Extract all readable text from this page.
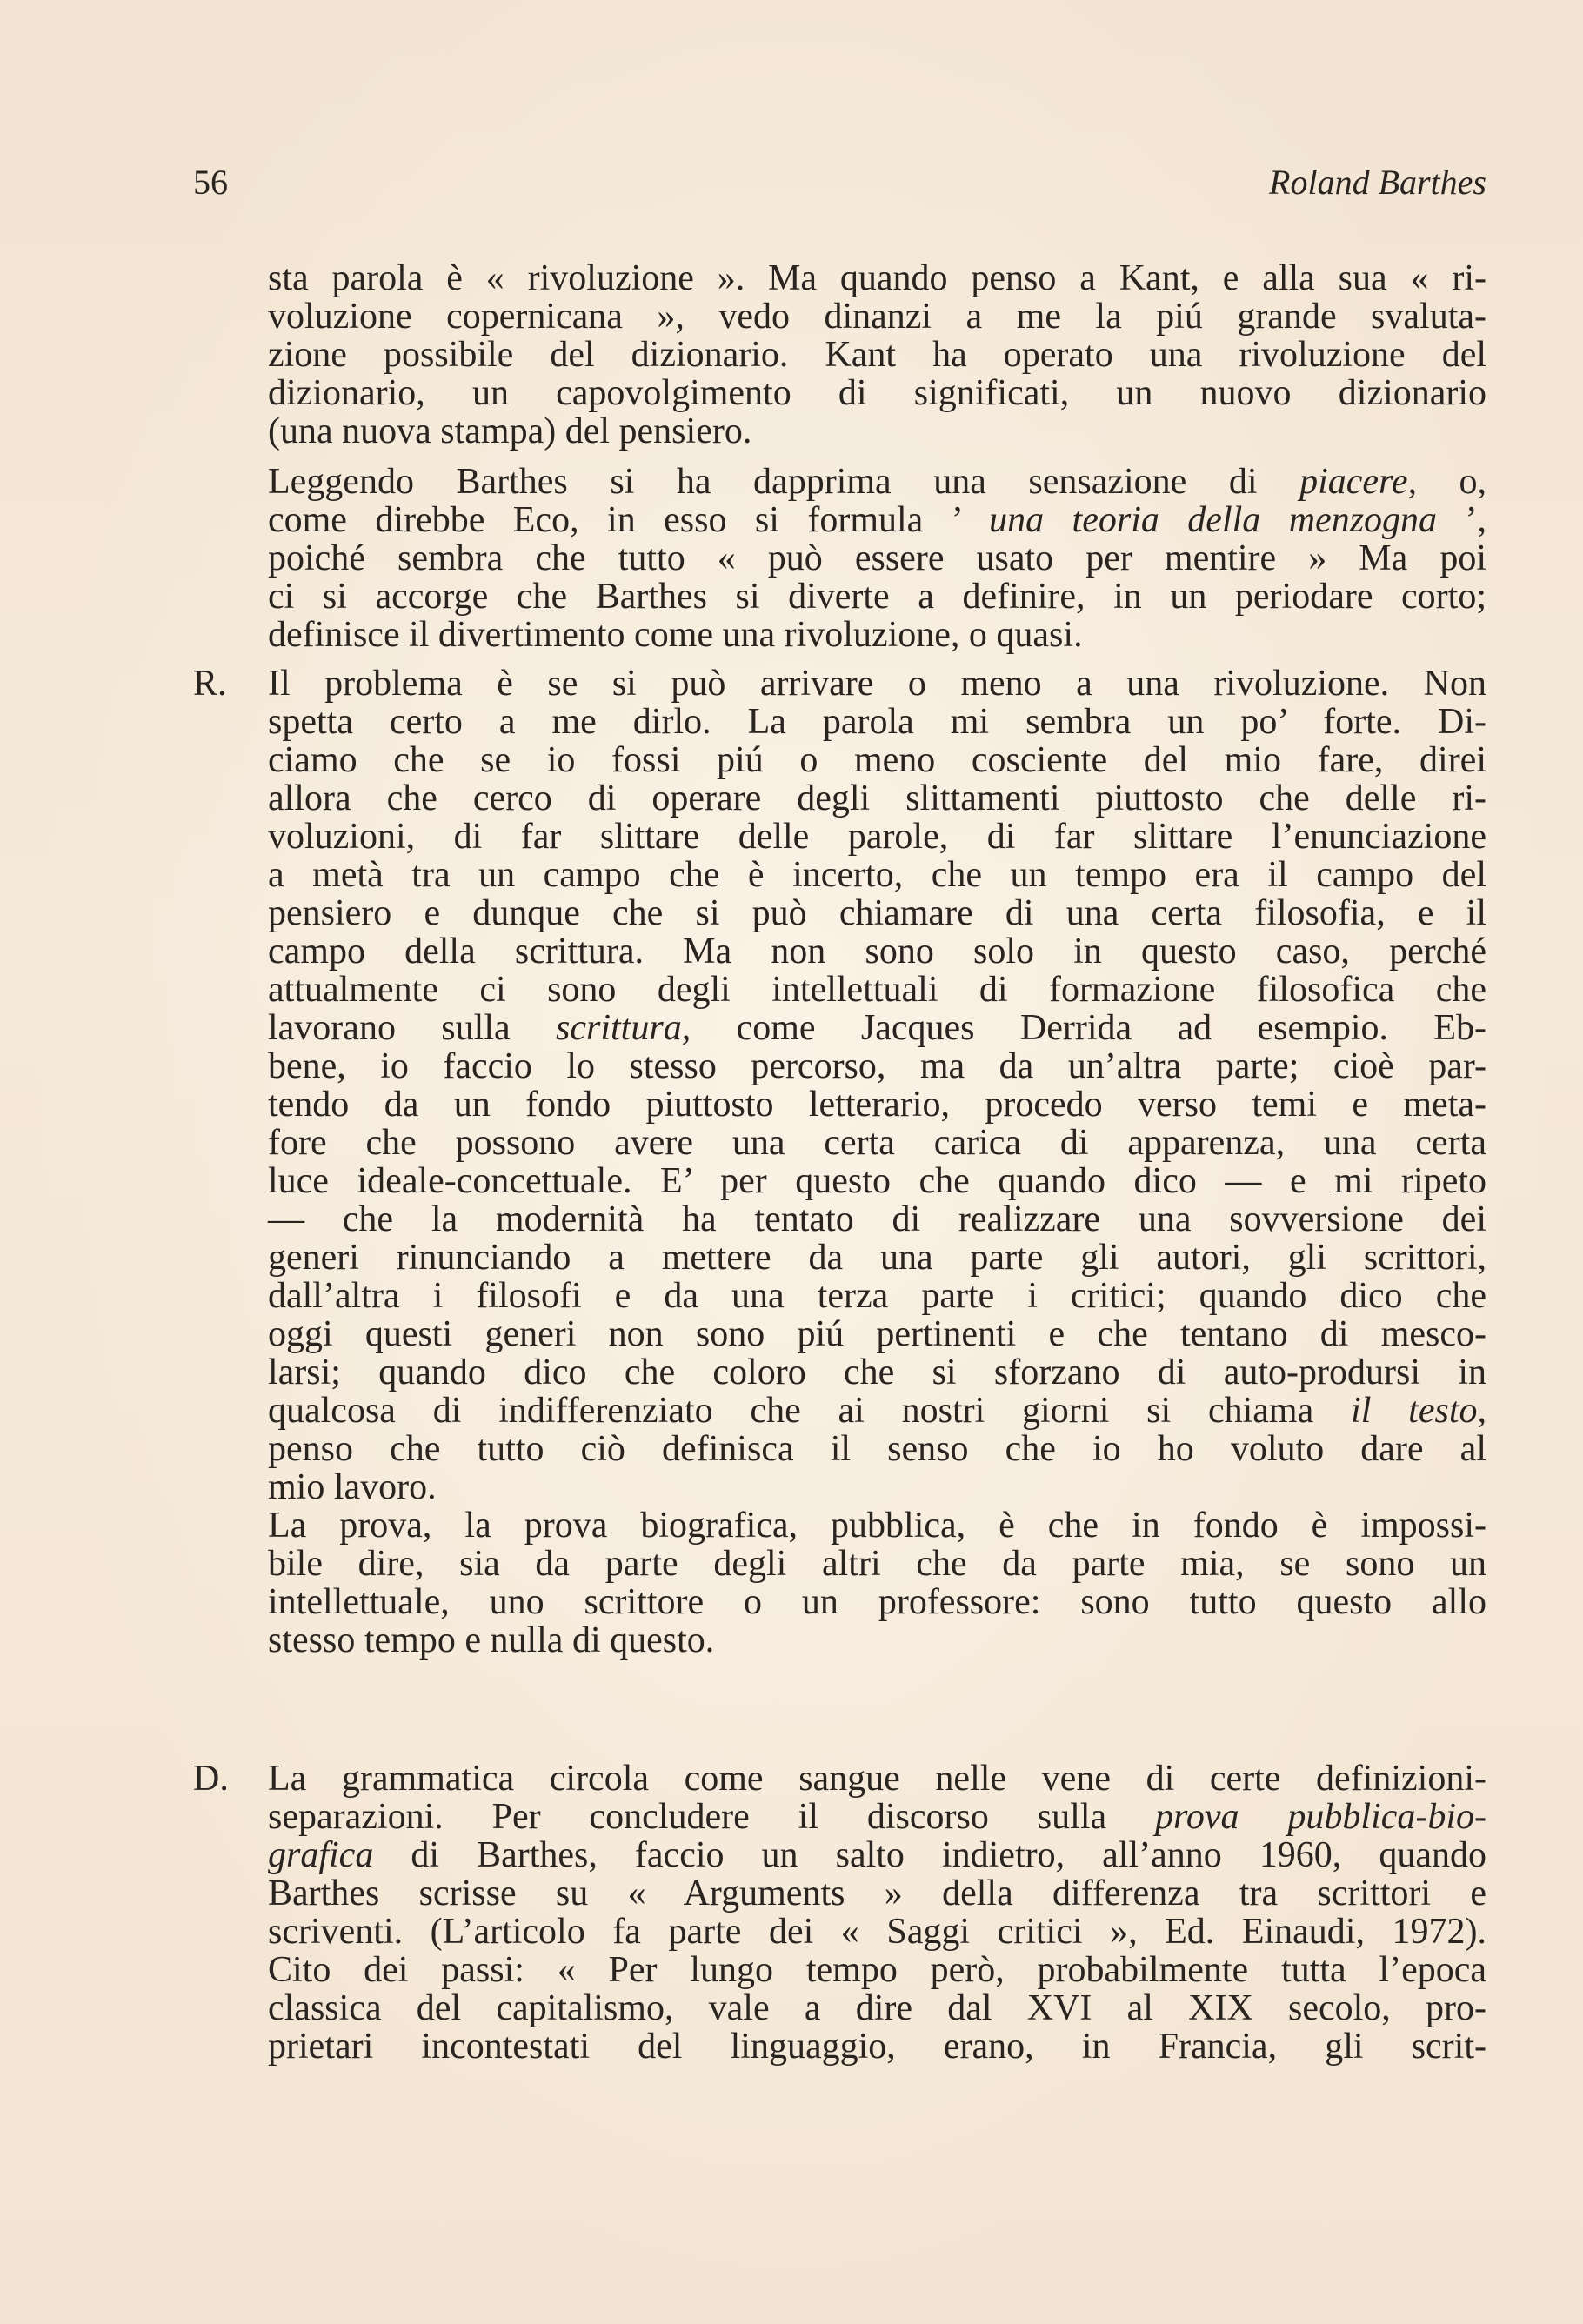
56	Roland Barthes
sta parola è « rivoluzione ». Ma quando penso a Kant, e alla sua « ri-
voluzione copernicana », vedo dinanzi a me la piú grande svaluta-
zione possibile del dizionario. Kant ha operato una rivoluzione del
dizionario, un capovolgimento di significati, un nuovo dizionario
(una nuova stampa) del pensiero.
Leggendo Barthes si ha dapprima una sensazione di piacere, o,
come direbbe Eco, in esso si formula ’ una teoria della menzogna ’,
poiché sembra che tutto « può essere usato per mentire » Ma poi
ci si accorge che Barthes si diverte a definire, in un periodare corto;
definisce il divertimento come una rivoluzione, o quasi.
R. Il problema è se si può arrivare o meno a una rivoluzione. Non
spetta certo a me dirlo. La parola mi sembra un po’ forte. Di-
ciamo che se io fossi piú o meno cosciente del mio fare, direi
allora che cerco di operare degli slittamenti piuttosto che delle ri-
voluzioni, di far slittare delle parole, di far slittare l’enunciazione
a metà tra un campo che è incerto, che un tempo era il campo del
pensiero e dunque che si può chiamare di una certa filosofia, e il
campo della scrittura. Ma non sono solo in questo caso, perché
attualmente ci sono degli intellettuali di formazione filosofica che
lavorano sulla scrittura, come Jacques Derrida ad esempio. Eb-
bene, io faccio lo stesso percorso, ma da un’altra parte; cioè par-
tendo da un fondo piuttosto letterario, procedo verso temi e meta-
fore che possono avere una certa carica di apparenza, una certa
luce ideale-concettuale. E’ per questo che quando dico — e mi ripeto
— che la modernità ha tentato di realizzare una sovversione dei
generi rinunciando a mettere da una parte gli autori, gli scrittori,
dall’altra i filosofi e da una terza parte i critici; quando dico che
oggi questi generi non sono piú pertinenti e che tentano di mesco-
larsi; quando dico che coloro che si sforzano di auto-prodursi in
qualcosa di indifferenziato che ai nostri giorni si chiama il testo,
penso che tutto ciò definisca il senso che io ho voluto dare al
mio lavoro.
La prova, la prova biografica, pubblica, è che in fondo è impossi-
bile dire, sia da parte degli altri che da parte mia, se sono un
intellettuale, uno scrittore o un professore: sono tutto questo allo
stesso tempo e nulla di questo.
D. La grammatica circola come sangue nelle vene di certe definizioni-
separazioni. Per concludere il discorso sulla prova pubblica-bio-
grafica di Barthes, faccio un salto indietro, all’anno 1960, quando
Barthes scrisse su « Arguments » della differenza tra scrittori e
scriventi. (L’articolo fa parte dei « Saggi critici », Ed. Einaudi, 1972).
Cito dei passi: « Per lungo tempo però, probabilmente tutta l’epoca
classica del capitalismo, vale a dire dal XVI al XIX secolo, pro-
prietari incontestati del linguaggio, erano, in Francia, gli scrit-
